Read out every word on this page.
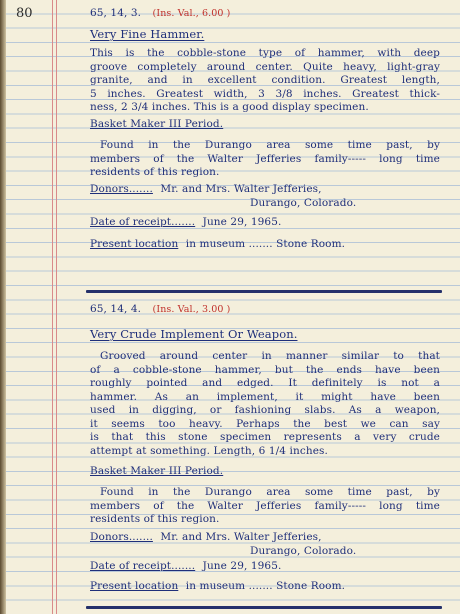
80	65, 14, 3. (Ins. Val., 6.00 )
Very Fine Hammer.
This is the cobble-stone type of hammer, with deep
groove completely around center. Quite heavy, light-gray
granite, and in excellent condition. Greatest length,
5 inches. Greatest width, 3 3/8 inches. Greatest thick-
ness, 2 3/4 inches. This is a good display specimen.
Basket Maker III Period.
Found in the Durango area some time past, by
members of the Walter Jefferies family----- long time
residents of this region.
Donors....... Mr. and Mrs. Walter Jefferies,
Durango, Colorado.
Date of receipt....... June 29, 1965.
Present location in museum ....... Stone Room.
65, 14, 4. (Ins. Val., 3.00 )
Very Crude Implement Or Weapon.
Grooved around center in manner similar to that
of a cobble-stone hammer, but the ends have been
roughly pointed and edged. It definitely is not a
hammer. As an implement, it might have been
used in digging, or fashioning slabs. As a weapon,
it seems too heavy. Perhaps the best we can say
is that this stone specimen represents a very crude
attempt at something. Length, 6 1/4 inches.
Basket Maker III Period.
Found in the Durango area some time past, by
members of the Walter Jefferies family----- long time
residents of this region.
Donors....... Mr. and Mrs. Walter Jefferies,
Durango, Colorado.
Date of receipt....... June 29, 1965.
Present location in museum ....... Stone Room.
